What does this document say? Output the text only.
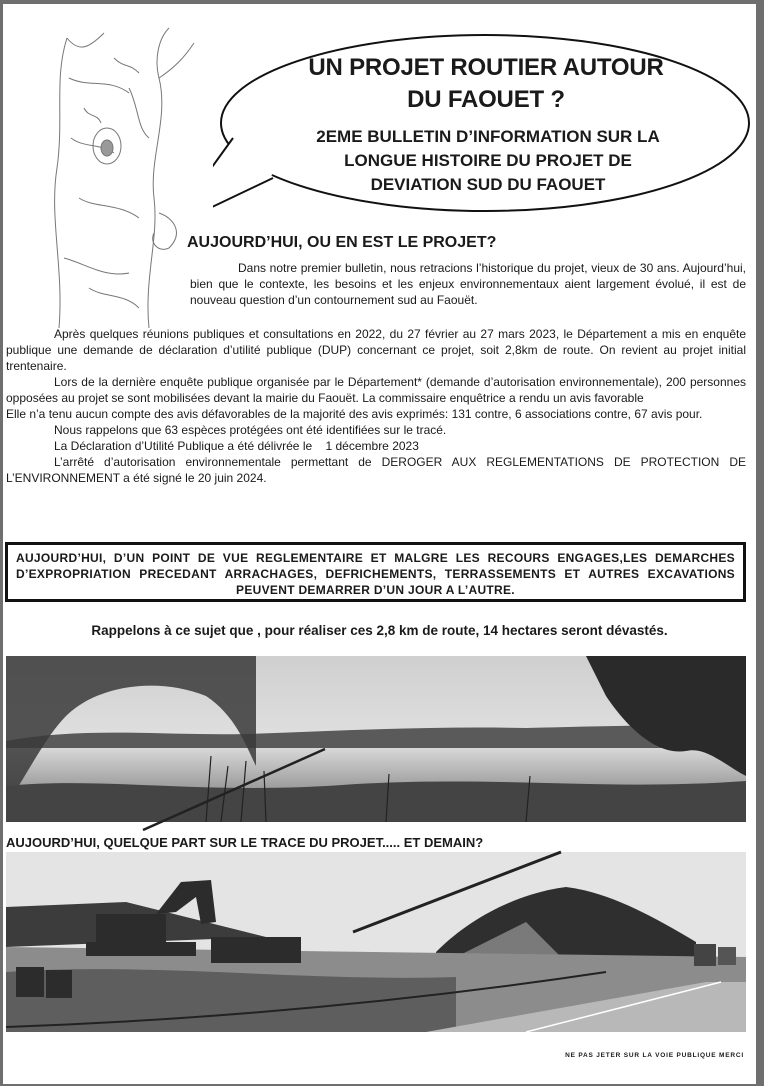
UN PROJET ROUTIER AUTOUR
DU FAOUET ?
2EME BULLETIN D’INFORMATION SUR LA
LONGUE HISTOIRE DU PROJET DE
DEVIATION SUD DU FAOUET
AUJOURD’HUI, OU EN EST LE PROJET?
Dans notre premier bulletin, nous retracions l’historique du projet, vieux de 30 ans. Aujourd’hui, bien que le contexte, les besoins et les enjeux environnementaux aient largement évolué, il est de nouveau question d’un contournement sud au Faouët.

Après quelques réunions publiques et consultations en 2022, du 27 février au 27 mars 2023, le Département a mis en enquête publique une demande de déclaration d’utilité publique (DUP) concernant ce projet, soit 2,8km de route. On revient au projet initial trentenaire.

Lors de la dernière enquête publique organisée par le Département* (demande d’autorisation environnementale), 200 personnes opposées au projet se sont mobilisées devant la mairie du Faouët. La commissaire enquêtrice a rendu un avis favorable

Elle n’a tenu aucun compte des avis défavorables de la majorité des avis exprimés: 131 contre, 6 associations contre, 67 avis pour.

Nous rappelons que 63 espèces protégées ont été identifiées sur le tracé.

La Déclaration d’Utilité Publique a été délivrée le    1 décembre 2023

L’arrêté d’autorisation environnementale permettant de DEROGER AUX REGLEMENTATIONS DE PROTECTION DE L’ENVIRONNEMENT a été signé le 20 juin 2024.

AUJOURD’HUI, D’UN POINT DE VUE REGLEMENTAIRE ET MALGRE LES RECOURS ENGAGES,LES DEMARCHES D’EXPROPRIATION PRECEDANT ARRACHAGES, DEFRICHEMENTS, TERRASSEMENTS ET AUTRES EXCAVATIONS PEUVENT DEMARRER D’UN JOUR A L’AUTRE.
Rappelons à ce sujet que , pour réaliser ces 2,8 km de route, 14 hectares seront dévastés.
AUJOURD’HUI, QUELQUE PART SUR LE TRACE DU PROJET..... ET DEMAIN?
NE PAS JETER SUR LA VOIE PUBLIQUE MERCI
